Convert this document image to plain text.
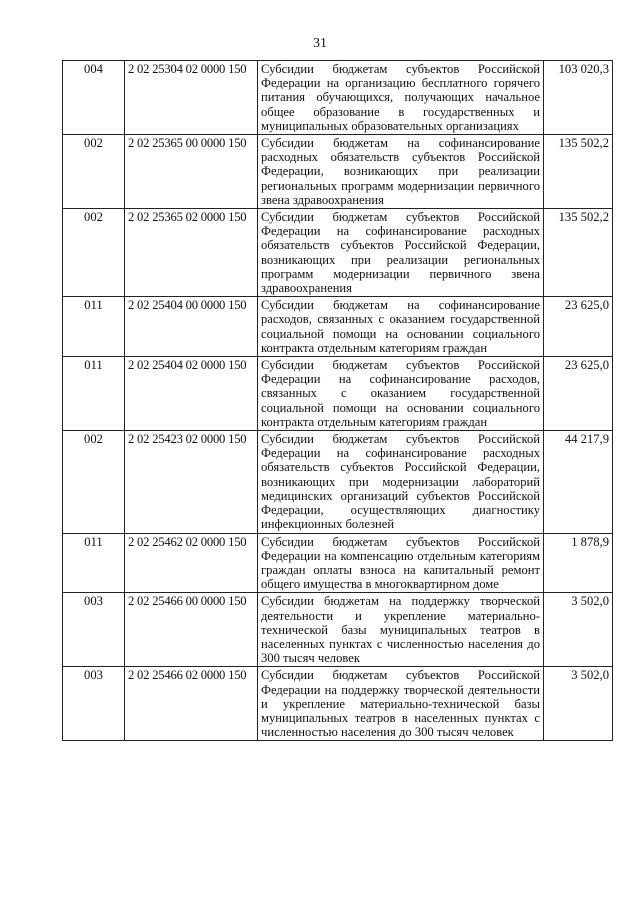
31
004	2 02 25304 02 0000 150	Субсидии бюджетам субъектов Российской Федерации на организацию бесплатного горячего питания обучающихся, получающих начальное общее образование в государственных и муниципальных образовательных организациях	103 020,3
002	2 02 25365 00 0000 150	Субсидии бюджетам на софинансирование расходных обязательств субъектов Российской Федерации, возникающих при реализации региональных программ модернизации первичного звена здравоохранения	135 502,2
002	2 02 25365 02 0000 150	Субсидии бюджетам субъектов Российской Федерации на софинансирование расходных обязательств субъектов Российской Федерации, возникающих при реализации региональных программ модернизации первичного звена здравоохранения	135 502,2
011	2 02 25404 00 0000 150	Субсидии бюджетам на софинансирование расходов, связанных с оказанием государственной социальной помощи на основании социального контракта отдельным категориям граждан	23 625,0
011	2 02 25404 02 0000 150	Субсидии бюджетам субъектов Российской Федерации на софинансирование расходов, связанных с оказанием государственной социальной помощи на основании социального контракта отдельным категориям граждан	23 625,0
002	2 02 25423 02 0000 150	Субсидии бюджетам субъектов Российской Федерации на софинансирование расходных обязательств субъектов Российской Федерации, возникающих при модернизации лабораторий медицинских организаций субъектов Российской Федерации, осуществляющих диагностику инфекционных болезней	44 217,9
011	2 02 25462 02 0000 150	Субсидии бюджетам субъектов Российской Федерации на компенсацию отдельным категориям граждан оплаты взноса на капитальный ремонт общего имущества в многоквартирном доме	1 878,9
003	2 02 25466 00 0000 150	Субсидии бюджетам на поддержку творческой деятельности и укрепление материально-технической базы муниципальных театров в населенных пунктах с численностью населения до 300 тысяч человек	3 502,0
003	2 02 25466 02 0000 150	Субсидии бюджетам субъектов Российской Федерации на поддержку творческой деятельности и укрепление материально-технической базы муниципальных театров в населенных пунктах с численностью населения до 300 тысяч человек	3 502,0
